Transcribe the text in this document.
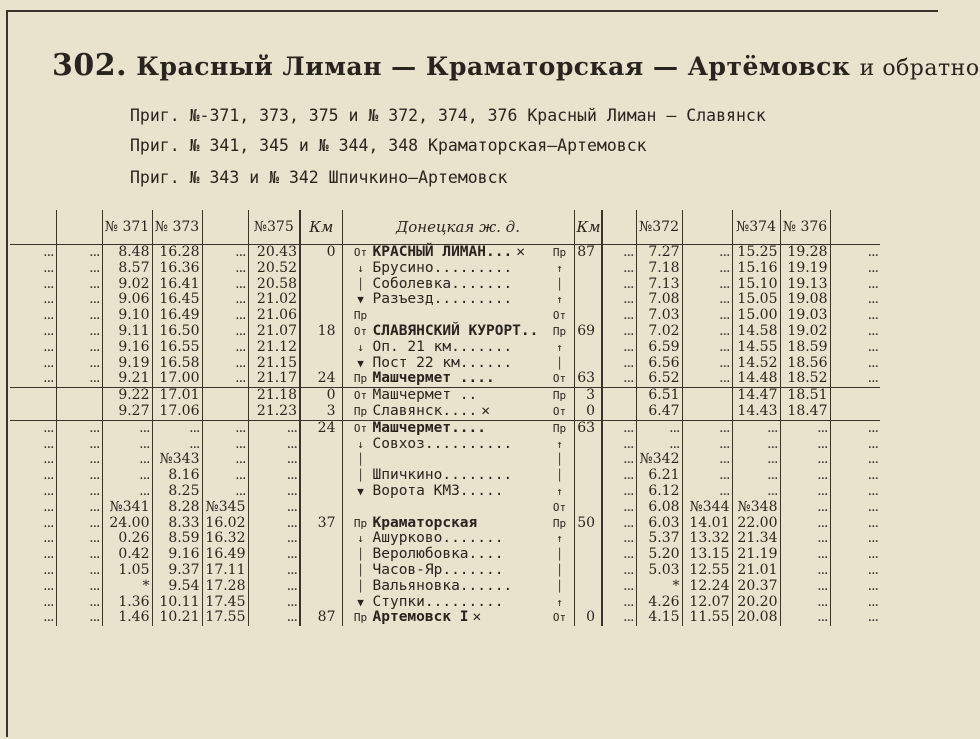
302. Красный Лиман — Краматорская — Артёмовск и обратно
Приг. №‑371, 373, 375 и № 372, 374, 376 Красный Лиман — Славянск
Приг. № 341, 345 и № 344, 348 Краматорская—Артемовск
Приг. № 343 и № 342 Шпичкино—Артемовск
		№ 371	№ 373		№375	Км	Донецкая ж. д.	Км		№372		№374	№ 376	
...	...	8.48	16.28	...	20.43	0	От КРАСНЫЙ ЛИМАН... ✕ Пр	87	...	7.27	...	15.25	19.28	...
...	...	8.57	16.36	...	20.52		↓ Брусино......... ↑		...	7.18	...	15.16	19.19	...
...	...	9.02	16.41	...	20.58		│ Соболевка....... │		...	7.13	...	15.10	19.13	...
...	...	9.06	16.45	...	21.02		▼ Разъезд......... ↑		...	7.08	...	15.05	19.08	...
...	...	9.10	16.49	...	21.06		Пр От		...	7.03	...	15.00	19.03	...
...	...	9.11	16.50	...	21.07	18	От СЛАВЯНСКИЙ КУРОРТ.. Пр	69	...	7.02	...	14.58	19.02	...
...	...	9.16	16.55	...	21.12		↓ Оп. 21 км....... ↑		...	6.59	...	14.55	18.59	...
...	...	9.19	16.58	...	21.15		▼ Пост 22 км...... │		...	6.56	...	14.52	18.56	...
...	...	9.21	17.00	...	21.17	24	Пр Машчермет .... От	63	...	6.52	...	14.48	18.52	...
		9.22	17.01		21.18	0	От Машчермет .. Пр	3		6.51		14.47	18.51	
		9.27	17.06		21.23	3	Пр Славянск.... ✕ От	0		6.47		14.43	18.47	
...	...	...	...	...	...	24	От Машчермет.... Пр	63	...	...	...	...	...	...
...	...	...	...	...	...		↓ Совхоз.......... ↑		...	...	...	...	...	...
...	...	...	№343	...	...		│ │		...	№342	...	...	...	...
...	...	...	8.16	...	...		│ Шпичкино........ │		...	6.21	...	...	...	...
...	...	...	8.25	...	...		▼ Ворота КМЗ..... ↑		...	6.12	...	...	...	...
...	...	№341	8.28	№345	...		От		...	6.08	№344	№348	...	...
...	...	24.00	8.33	16.02	...	37	Пр Краматорская Пр	50	...	6.03	14.01	22.00	...	...
...	...	0.26	8.59	16.32	...		↓ Ашурково....... ↑		...	5.37	13.32	21.34	...	...
...	...	0.42	9.16	16.49	...		│ Веролюбовка.... │		...	5.20	13.15	21.19	...	...
...	...	1.05	9.37	17.11	...		│ Часов-Яр....... │		...	5.03	12.55	21.01	...	...
...	...	*	9.54	17.28	...		│ Вальяновка...... │		...	*	12.24	20.37	...	...
...	...	1.36	10.11	17.45	...		▼ Ступки......... ↑		...	4.26	12.07	20.20	...	...
...	...	1.46	10.21	17.55	...	87	Пр Артемовск I ✕ От	0	...	4.15	11.55	20.08	...	...
